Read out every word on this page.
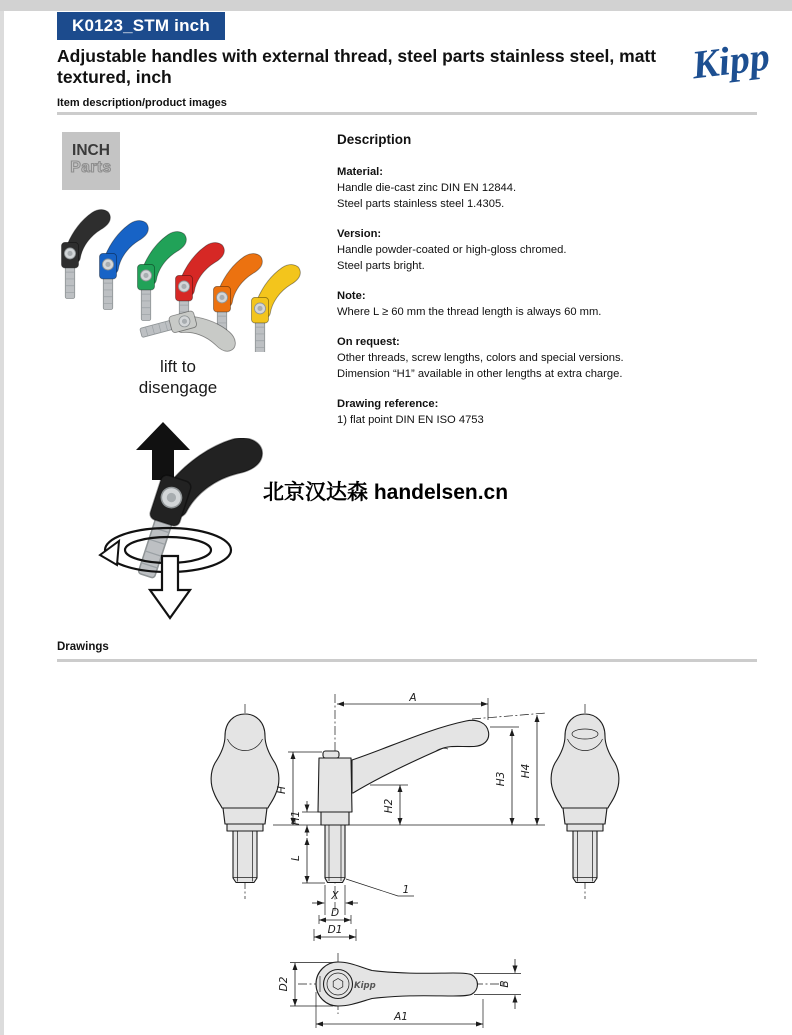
K0123_STM inch
Kipp
Adjustable handles with external thread, steel parts stainless steel, matt textured, inch
Item description/product images
INCH
Parts
lift to
disengage
北京汉达森 handelsen.cn
Description
Material:
Handle die-cast zinc DIN EN 12844.
Steel parts stainless steel 1.4305.
Version:
Handle powder-coated or high-gloss chromed.
Steel parts bright.
Note:
Where L ≥ 60 mm the thread length is always 60 mm.
On request:
Other threads, screw lengths, colors and special versions.
Dimension “H1” available in other lengths at extra charge.
Drawing reference:
1) flat point DIN EN ISO 4753
Drawings
A
H3
H4
H2
H
H1
L
X
D
D1
1
Kipp
D2	B
A1
